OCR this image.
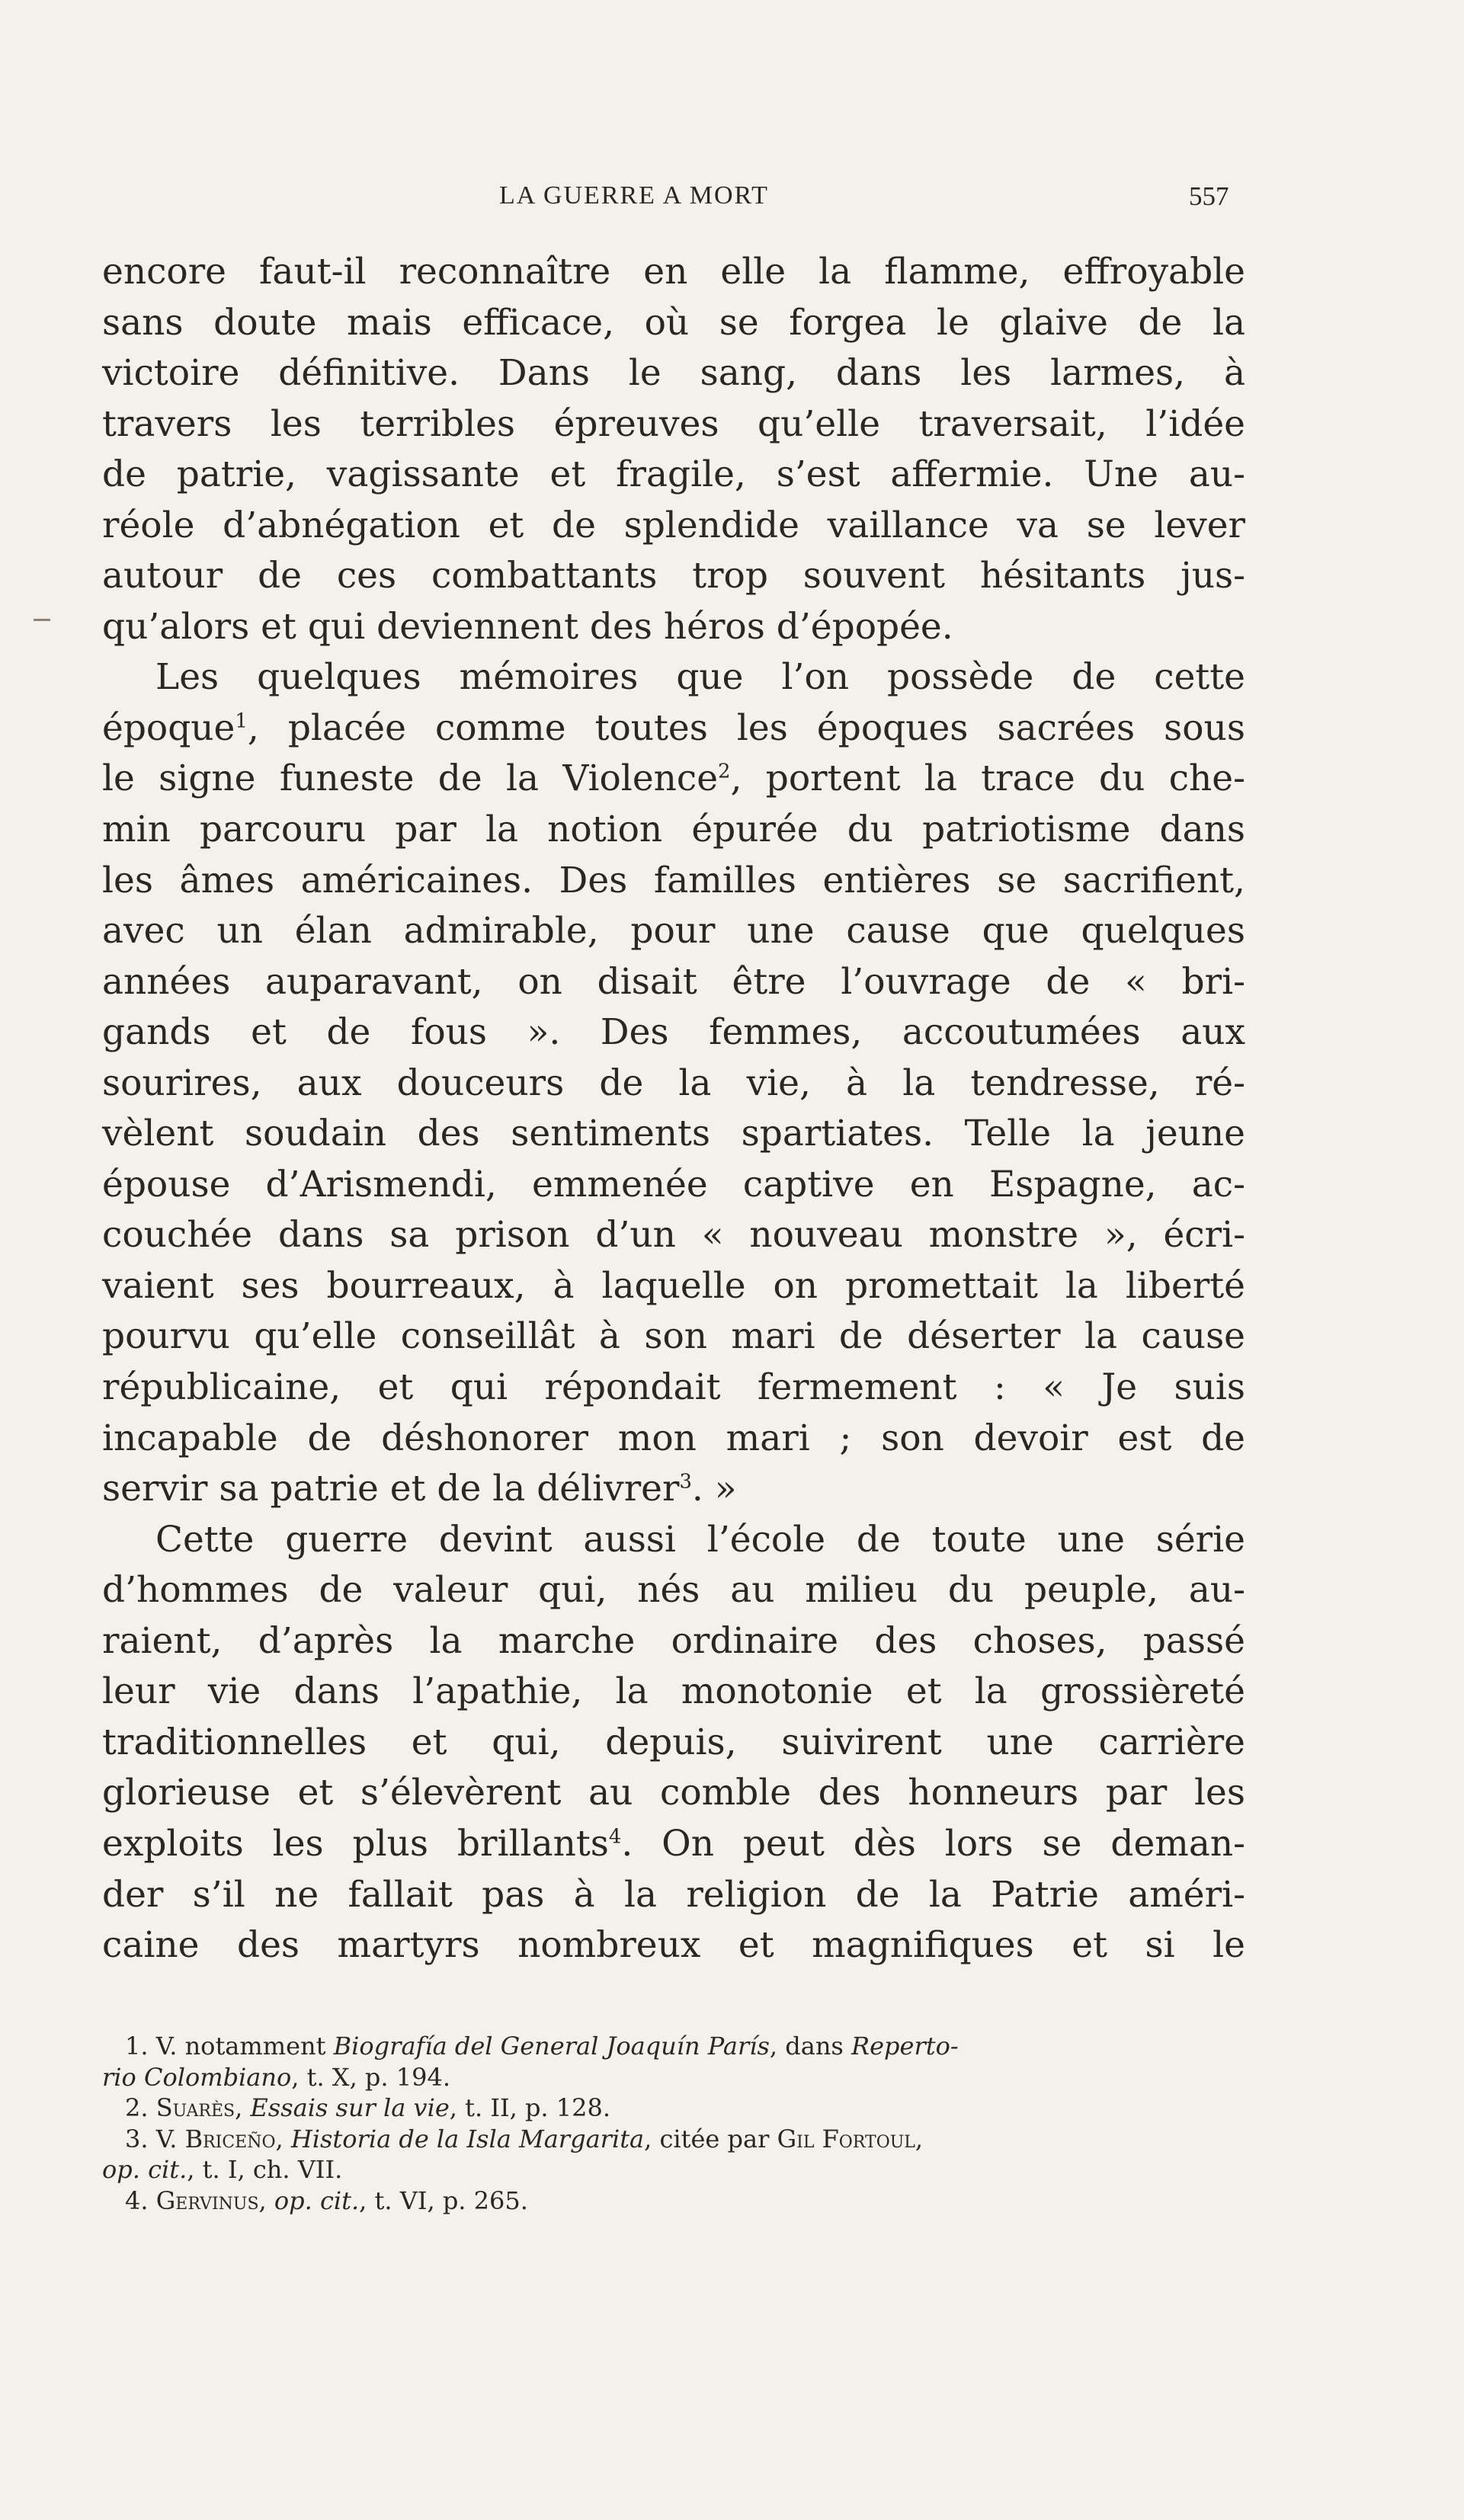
LA GUERRE A MORT	557
encore faut-il reconnaître en elle la flamme, effroyable
sans doute mais efficace, où se forgea le glaive de la
victoire définitive. Dans le sang, dans les larmes, à
travers les terribles épreuves qu’elle traversait, l’idée
de patrie, vagissante et fragile, s’est affermie. Une au-
réole d’abnégation et de splendide vaillance va se lever
autour de ces combattants trop souvent hésitants jus-
qu’alors et qui deviennent des héros d’épopée.
Les quelques mémoires que l’on possède de cette
époque$^1$, placée comme toutes les époques sacrées sous
le signe funeste de la Violence$^2$, portent la trace du che-
min parcouru par la notion épurée du patriotisme dans
les âmes américaines. Des familles entières se sacrifient,
avec un élan admirable, pour une cause que quelques
années auparavant, on disait être l’ouvrage de « bri-
gands et de fous ». Des femmes, accoutumées aux
sourires, aux douceurs de la vie, à la tendresse, ré-
vèlent soudain des sentiments spartiates. Telle la jeune
épouse d’Arismendi, emmenée captive en Espagne, ac-
couchée dans sa prison d’un « nouveau monstre », écri-
vaient ses bourreaux, à laquelle on promettait la liberté
pourvu qu’elle conseillât à son mari de déserter la cause
républicaine, et qui répondait fermement : « Je suis
incapable de déshonorer mon mari ; son devoir est de
servir sa patrie et de la délivrer$^3$. »
Cette guerre devint aussi l’école de toute une série
d’hommes de valeur qui, nés au milieu du peuple, au-
raient, d’après la marche ordinaire des choses, passé
leur vie dans l’apathie, la monotonie et la grossièreté
traditionnelles et qui, depuis, suivirent une carrière
glorieuse et s’élevèrent au comble des honneurs par les
exploits les plus brillants$^4$. On peut dès lors se deman-
der s’il ne fallait pas à la religion de la Patrie améri-
caine des martyrs nombreux et magnifiques et si le
1. V. notamment Biografía del General Joaquín París, dans Reperto-
rio Colombiano, t. X, p. 194.
2. Suarès, Essais sur la vie, t. II, p. 128.
3. V. Briceño, Historia de la Isla Margarita, citée par Gil Fortoul,
op. cit., t. I, ch. VII.
4. Gervinus, op. cit., t. VI, p. 265.
